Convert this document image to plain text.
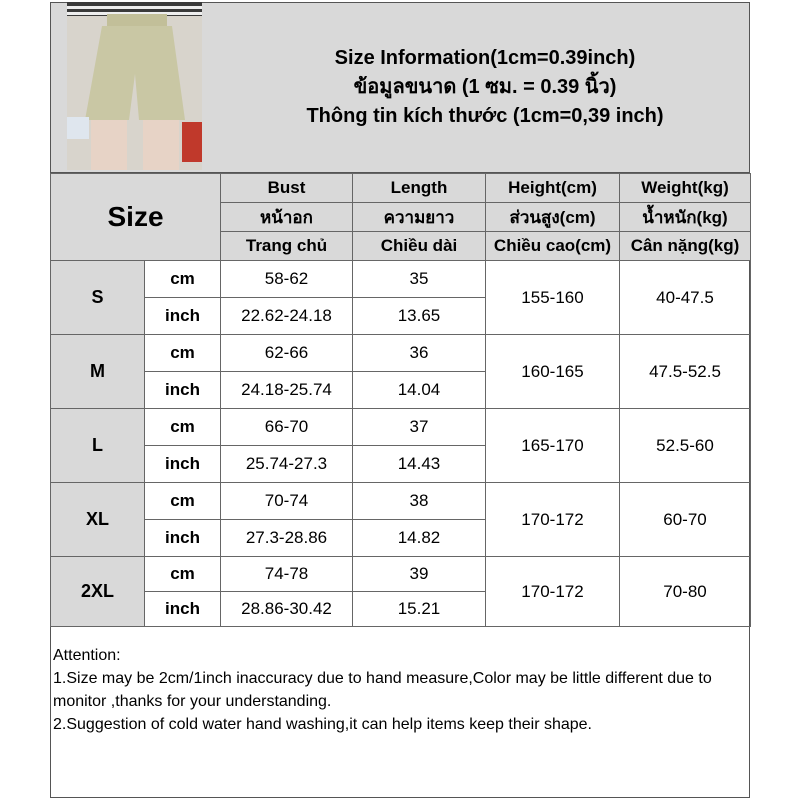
Size Information(1cm=0.39inch)
ข้อมูลขนาด (1 ซม. = 0.39 นิ้ว)
Thông tin kích thước (1cm=0,39 inch)
Size		Bust	Length	Height(cm)	Weight(kg)
		หน้าอก	ความยาว	ส่วนสูง(cm)	น้ำหนัก(kg)
		Trang chủ	Chiều dài	Chiều cao(cm)	Cân nặng(kg)
S	cm	58-62	35	155-160	40-47.5
	inch	22.62-24.18	13.65		
M	cm	62-66	36	160-165	47.5-52.5
	inch	24.18-25.74	14.04		
L	cm	66-70	37	165-170	52.5-60
	inch	25.74-27.3	14.43		
XL	cm	70-74	38	170-172	60-70
	inch	27.3-28.86	14.82		
2XL	cm	74-78	39	170-172	70-80
	inch	28.86-30.42	15.21		
Attention:
1.Size may be 2cm/1inch inaccuracy due to hand measure,Color may be little different due to monitor ,thanks for your understanding.
2.Suggestion of cold water hand washing,it can help items keep their shape.
